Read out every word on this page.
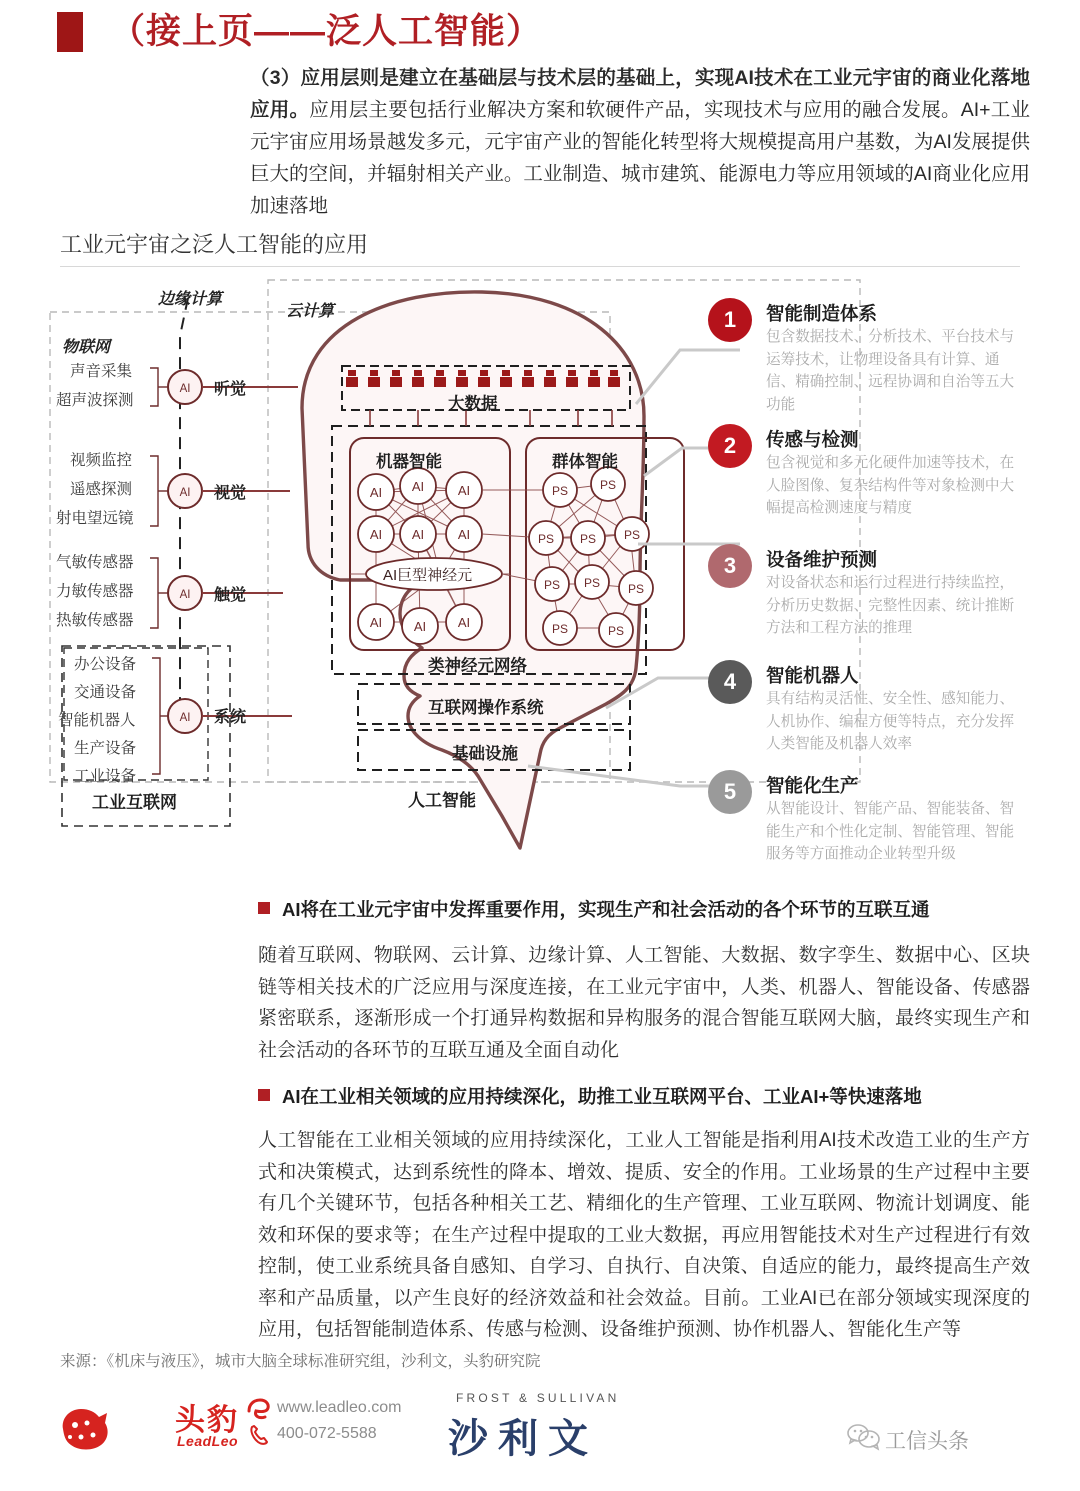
（接上页——泛人工智能）
（3）应用层则是建立在基础层与技术层的基础上，实现AI技术在工业元宇宙的商业化落地应用。应用层主要包括行业解决方案和软硬件产品，实现技术与应用的融合发展。AI+工业元宇宙应用场景越发多元，元宇宙产业的智能化转型将大规模提高用户基数，为AI发展提供巨大的空间，并辐射相关产业。工业制造、城市建筑、能源电力等应用领域的AI商业化应用加速落地
工业元宇宙之泛人工智能的应用
AI
AI
AI
AI
AI AI	AI
AI AI	AI
AI AI AI
PS	PS
PS PS PS
PS PS PS
PS	PS
边缘计算
云计算
物联网
工业互联网	人工智能
声音采集
超声波探测
听觉
视频监控
遥感探测
射电望远镜
视觉
气敏传感器
力敏传感器
热敏传感器
触觉
办公设备
交通设备
智能机器人
生产设备
工业设备
系统
大数据
机器智能	群体智能
AI巨型神经元
类神经元网络
互联网操作系统
基础设施
1	智能制造体系
包含数据技术、分析技术、平台技术与运筹技术，让物理设备具有计算、通信、精确控制、远程协调和自治等五大功能
2	传感与检测
包含视觉和多元化硬件加速等技术，在人脸图像、复杂结构件等对象检测中大幅提高检测速度与精度
3	设备维护预测
对设备状态和运行过程进行持续监控，分析历史数据、完整性因素、统计推断方法和工程方法的推理
4	智能机器人
具有结构灵活性、安全性、感知能力、人机协作、编程方便等特点，充分发挥人类智能及机器人效率
5	智能化生产
从智能设计、智能产品、智能装备、智能生产和个性化定制、智能管理、智能服务等方面推动企业转型升级
AI将在工业元宇宙中发挥重要作用，实现生产和社会活动的各个环节的互联互通
随着互联网、物联网、云计算、边缘计算、人工智能、大数据、数字孪生、数据中心、区块链等相关技术的广泛应用与深度连接，在工业元宇宙中，人类、机器人、智能设备、传感器紧密联系，逐渐形成一个打通异构数据和异构服务的混合智能互联网大脑，最终实现生产和社会活动的各环节的互联互通及全面自动化
AI在工业相关领域的应用持续深化，助推工业互联网平台、工业AI+等快速落地
人工智能在工业相关领域的应用持续深化，工业人工智能是指利用AI技术改造工业的生产方式和决策模式，达到系统性的降本、增效、提质、安全的作用。工业场景的生产过程中主要有几个关键环节，包括各种相关工艺、精细化的生产管理、工业互联网、物流计划调度、能效和环保的要求等；在生产过程中提取的工业大数据，再应用智能技术对生产过程进行有效控制，使工业系统具备自感知、自学习、自执行、自决策、自适应的能力，最终提高生产效率和产品质量，以产生良好的经济效益和社会效益。目前。工业AI已在部分领域实现深度的应用，包括智能制造体系、传感与检测、设备维护预测、协作机器人、智能化生产等
来源：《机床与液压》，城市大脑全球标准研究组，沙利文，头豹研究院
头豹
LeadLeo
www.leadleo.com
400-072-5588
FROST & SULLIVAN
沙利文	工信头条
